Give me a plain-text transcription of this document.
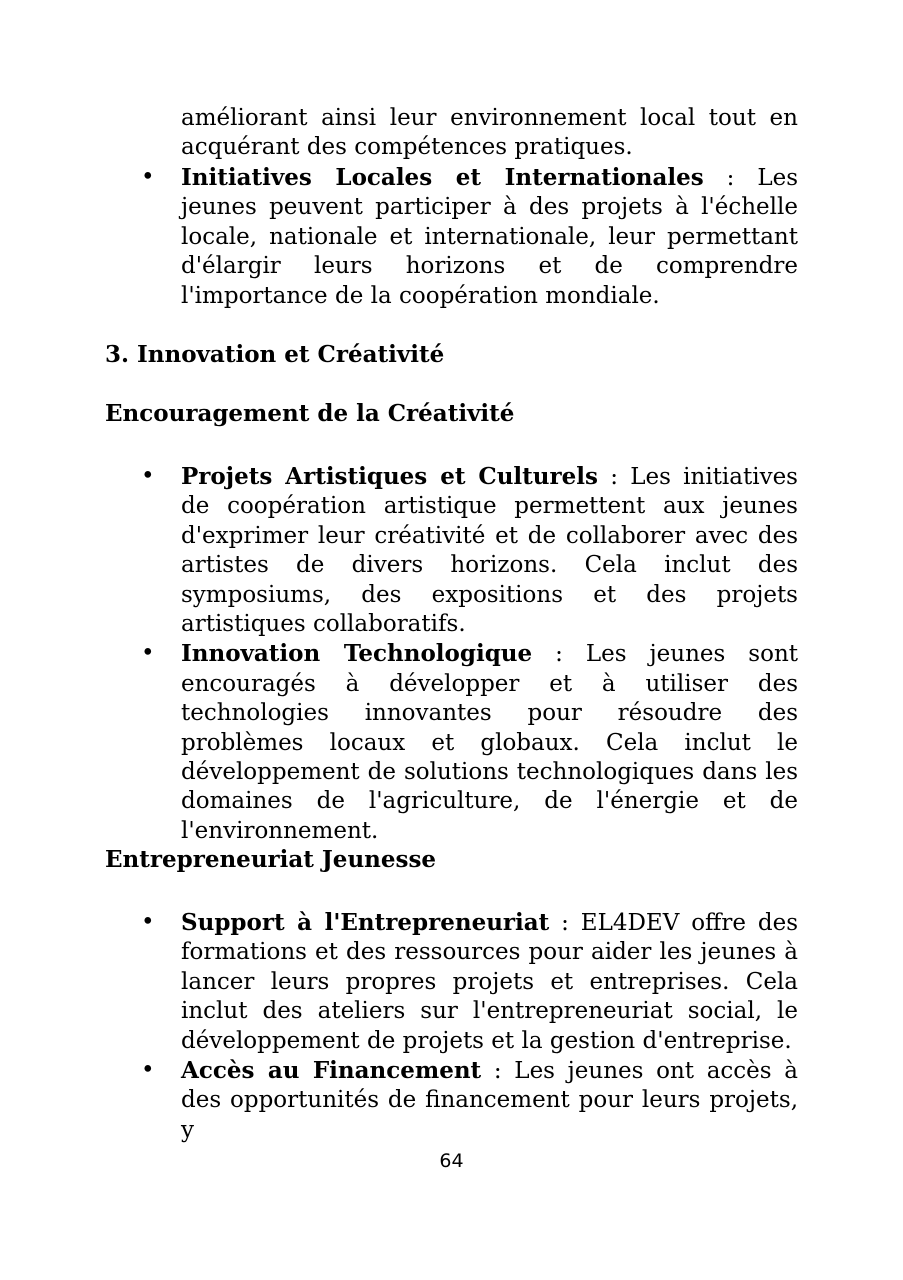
améliorant ainsi leur environnement local tout en acquérant des compétences pratiques.

• Initiatives Locales et Internationales : Les jeunes peuvent participer à des projets à l'échelle locale, nationale et internationale, leur permettant d'élargir leurs horizons et de comprendre l'importance de la coopération mondiale.
3. Innovation et Créativité
Encouragement de la Créativité
• Projets Artistiques et Culturels : Les initiatives de coopération artistique permettent aux jeunes d'exprimer leur créativité et de collaborer avec des artistes de divers horizons. Cela inclut des symposiums, des expositions et des projets artistiques collaboratifs.
• Innovation Technologique : Les jeunes sont encouragés à développer et à utiliser des technologies innovantes pour résoudre des problèmes locaux et globaux. Cela inclut le développement de solutions technologiques dans les domaines de l'agriculture, de l'énergie et de l'environnement.
Entrepreneuriat Jeunesse
• Support à l'Entrepreneuriat : EL4DEV offre des formations et des ressources pour aider les jeunes à lancer leurs propres projets et entreprises. Cela inclut des ateliers sur l'entrepreneuriat social, le développement de projets et la gestion d'entreprise.
• Accès au Financement : Les jeunes ont accès à des opportunités de financement pour leurs projets, y
64
